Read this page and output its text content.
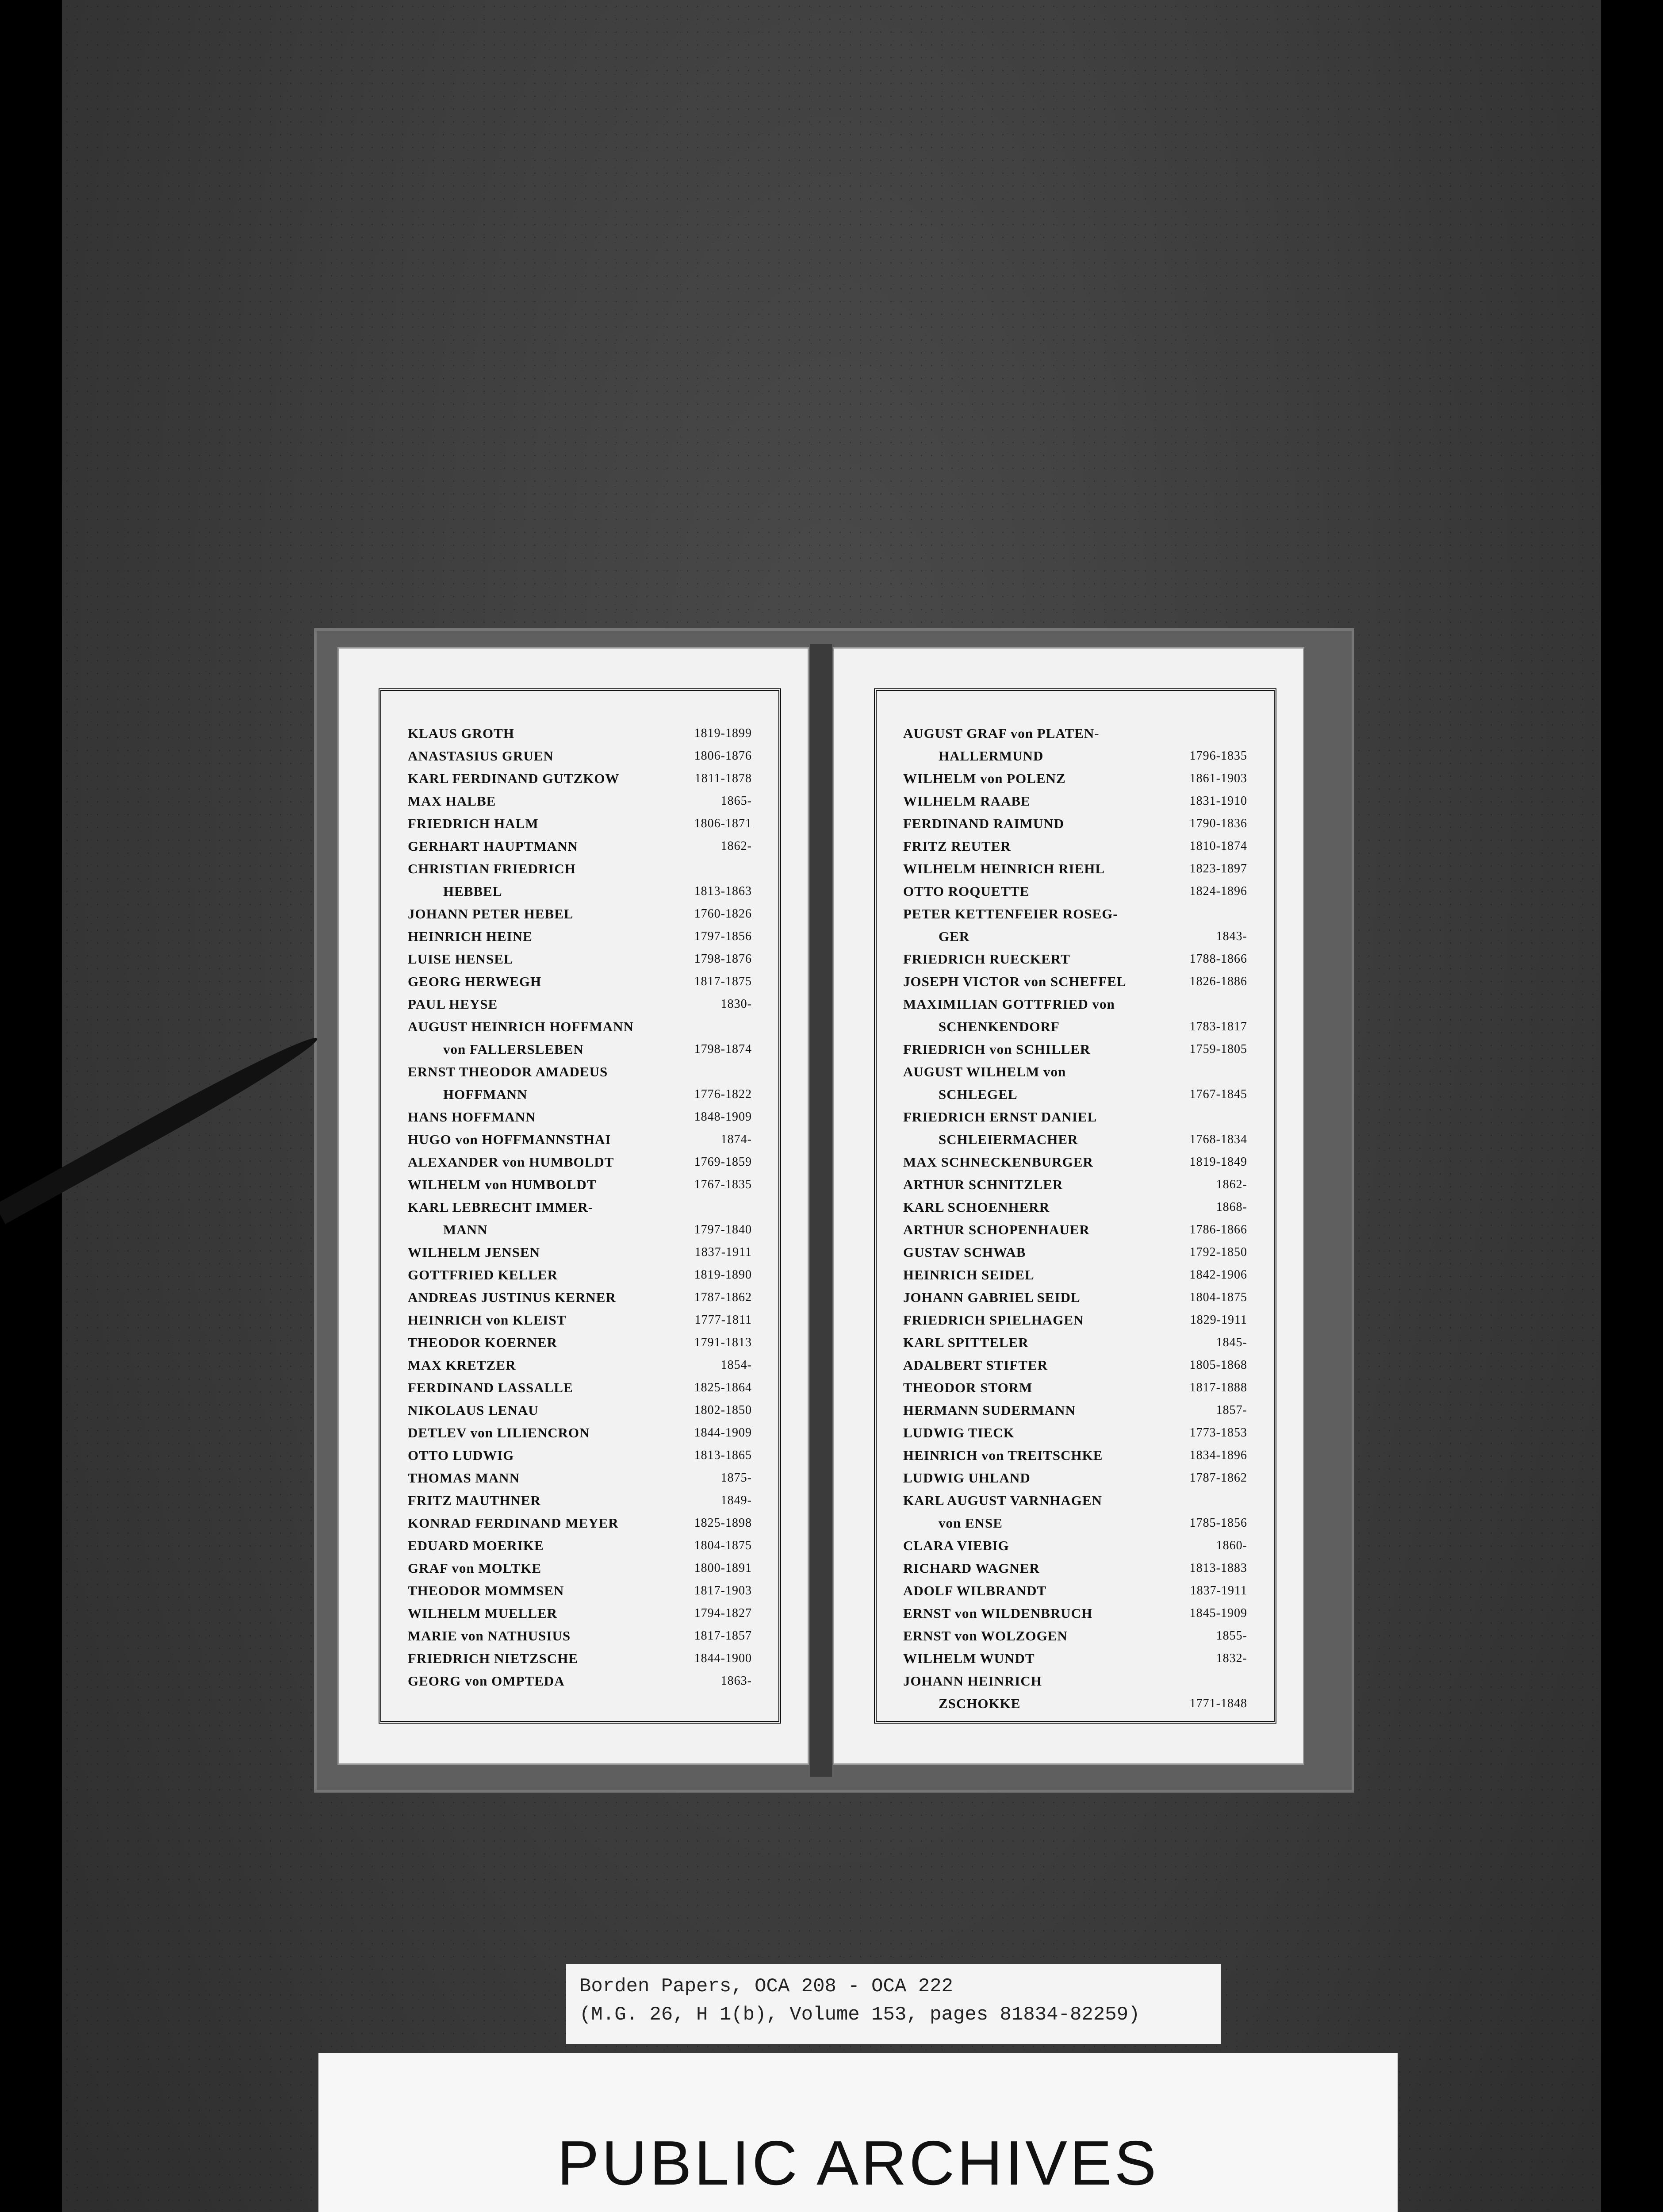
KLAUS GROTH	1819-1899
ANASTASIUS GRUEN	1806-1876
KARL FERDINAND GUTZKOW	1811-1878
MAX HALBE	1865-
FRIEDRICH HALM	1806-1871
GERHART HAUPTMANN	1862-
CHRISTIAN FRIEDRICH
HEBBEL	1813-1863
JOHANN PETER HEBEL	1760-1826
HEINRICH HEINE	1797-1856
LUISE HENSEL	1798-1876
GEORG HERWEGH	1817-1875
PAUL HEYSE	1830-
AUGUST HEINRICH HOFFMANN
von FALLERSLEBEN	1798-1874
ERNST THEODOR AMADEUS
HOFFMANN	1776-1822
HANS HOFFMANN	1848-1909
HUGO von HOFFMANNSTHAI	1874-
ALEXANDER von HUMBOLDT	1769-1859
WILHELM von HUMBOLDT	1767-1835
KARL LEBRECHT IMMER-
MANN	1797-1840
WILHELM JENSEN	1837-1911
GOTTFRIED KELLER	1819-1890
ANDREAS JUSTINUS KERNER	1787-1862
HEINRICH von KLEIST	1777-1811
THEODOR KOERNER	1791-1813
MAX KRETZER	1854-
FERDINAND LASSALLE	1825-1864
NIKOLAUS LENAU	1802-1850
DETLEV von LILIENCRON	1844-1909
OTTO LUDWIG	1813-1865
THOMAS MANN	1875-
FRITZ MAUTHNER	1849-
KONRAD FERDINAND MEYER	1825-1898
EDUARD MOERIKE	1804-1875
GRAF von MOLTKE	1800-1891
THEODOR MOMMSEN	1817-1903
WILHELM MUELLER	1794-1827
MARIE von NATHUSIUS	1817-1857
FRIEDRICH NIETZSCHE	1844-1900
GEORG von OMPTEDA	1863-
AUGUST GRAF von PLATEN-
HALLERMUND	1796-1835
WILHELM von POLENZ	1861-1903
WILHELM RAABE	1831-1910
FERDINAND RAIMUND	1790-1836
FRITZ REUTER	1810-1874
WILHELM HEINRICH RIEHL	1823-1897
OTTO ROQUETTE	1824-1896
PETER KETTENFEIER ROSEG-
GER	1843-
FRIEDRICH RUECKERT	1788-1866
JOSEPH VICTOR von SCHEFFEL	1826-1886
MAXIMILIAN GOTTFRIED von
SCHENKENDORF	1783-1817
FRIEDRICH von SCHILLER	1759-1805
AUGUST WILHELM von
SCHLEGEL	1767-1845
FRIEDRICH ERNST DANIEL
SCHLEIERMACHER	1768-1834
MAX SCHNECKENBURGER	1819-1849
ARTHUR SCHNITZLER	1862-
KARL SCHOENHERR	1868-
ARTHUR SCHOPENHAUER	1786-1866
GUSTAV SCHWAB	1792-1850
HEINRICH SEIDEL	1842-1906
JOHANN GABRIEL SEIDL	1804-1875
FRIEDRICH SPIELHAGEN	1829-1911
KARL SPITTELER	1845-
ADALBERT STIFTER	1805-1868
THEODOR STORM	1817-1888
HERMANN SUDERMANN	1857-
LUDWIG TIECK	1773-1853
HEINRICH von TREITSCHKE	1834-1896
LUDWIG UHLAND	1787-1862
KARL AUGUST VARNHAGEN
von ENSE	1785-1856
CLARA VIEBIG	1860-
RICHARD WAGNER	1813-1883
ADOLF WILBRANDT	1837-1911
ERNST von WILDENBRUCH	1845-1909
ERNST von WOLZOGEN	1855-
WILHELM WUNDT	1832-
JOHANN HEINRICH
ZSCHOKKE	1771-1848
Borden Papers, OCA 208 - OCA 222
(M.G. 26, H 1(b), Volume 153, pages 81834-82259)
PUBLIC ARCHIVES
